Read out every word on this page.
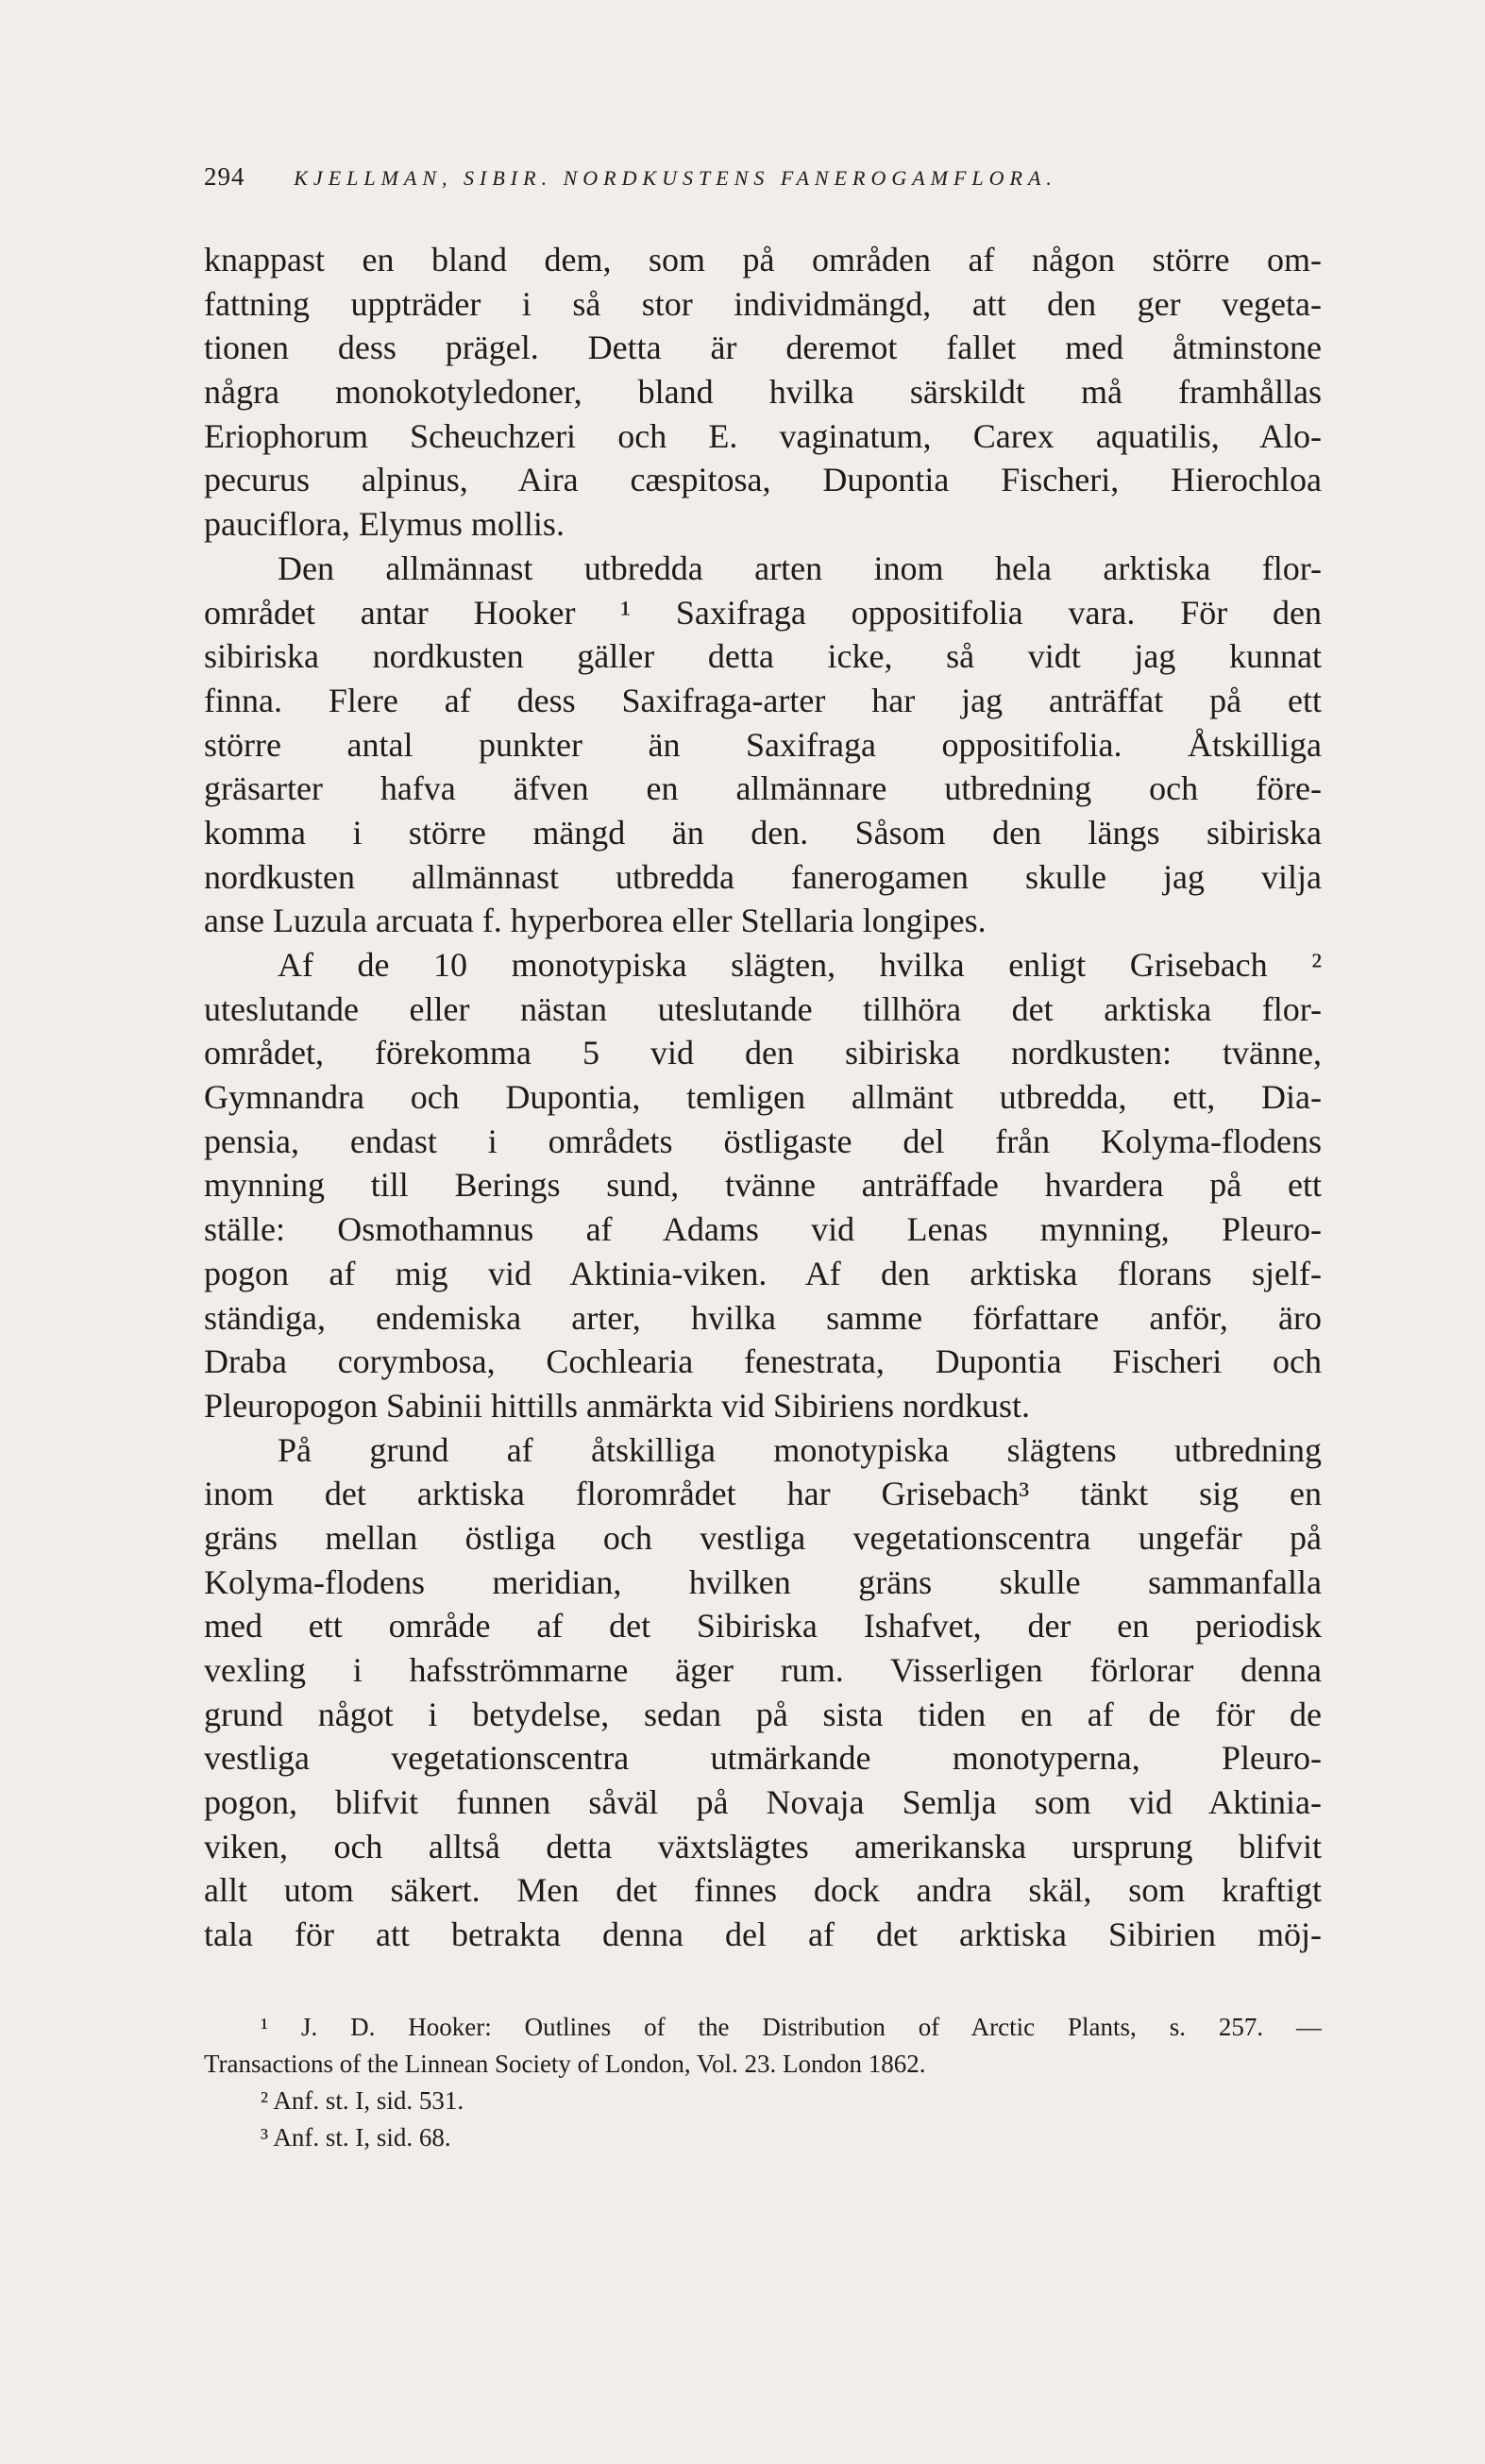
294 KJELLMAN, SIBIR. NORDKUSTENS FANEROGAMFLORA.
knappast en bland dem, som på områden af någon större om-
fattning uppträder i så stor individmängd, att den ger vegeta-
tionen dess prägel. Detta är deremot fallet med åtminstone
några monokotyledoner, bland hvilka särskildt må framhållas
Eriophorum Scheuchzeri och E. vaginatum, Carex aquatilis, Alo-
pecurus alpinus, Aira cæspitosa, Dupontia Fischeri, Hierochloa
pauciflora, Elymus mollis.
Den allmännast utbredda arten inom hela arktiska flor-
området antar Hooker ¹ Saxifraga oppositifolia vara. För den
sibiriska nordkusten gäller detta icke, så vidt jag kunnat
finna. Flere af dess Saxifraga-arter har jag anträffat på ett
större antal punkter än Saxifraga oppositifolia. Åtskilliga
gräsarter hafva äfven en allmännare utbredning och före-
komma i större mängd än den. Såsom den längs sibiriska
nordkusten allmännast utbredda fanerogamen skulle jag vilja
anse Luzula arcuata f. hyperborea eller Stellaria longipes.
Af de 10 monotypiska slägten, hvilka enligt Grisebach ²
uteslutande eller nästan uteslutande tillhöra det arktiska flor-
området, förekomma 5 vid den sibiriska nordkusten: tvänne,
Gymnandra och Dupontia, temligen allmänt utbredda, ett, Dia-
pensia, endast i områdets östligaste del från Kolyma-flodens
mynning till Berings sund, tvänne anträffade hvardera på ett
ställe: Osmothamnus af Adams vid Lenas mynning, Pleuro-
pogon af mig vid Aktinia-viken. Af den arktiska florans sjelf-
ständiga, endemiska arter, hvilka samme författare anför, äro
Draba corymbosa, Cochlearia fenestrata, Dupontia Fischeri och
Pleuropogon Sabinii hittills anmärkta vid Sibiriens nordkust.
På grund af åtskilliga monotypiska slägtens utbredning
inom det arktiska florområdet har Grisebach³ tänkt sig en
gräns mellan östliga och vestliga vegetationscentra ungefär på
Kolyma-flodens meridian, hvilken gräns skulle sammanfalla
med ett område af det Sibiriska Ishafvet, der en periodisk
vexling i hafsströmmarne äger rum. Visserligen förlorar denna
grund något i betydelse, sedan på sista tiden en af de för de
vestliga vegetationscentra utmärkande monotyperna, Pleuro-
pogon, blifvit funnen såväl på Novaja Semlja som vid Aktinia-
viken, och alltså detta växtslägtes amerikanska ursprung blifvit
allt utom säkert. Men det finnes dock andra skäl, som kraftigt
tala för att betrakta denna del af det arktiska Sibirien möj-
¹ J. D. Hooker: Outlines of the Distribution of Arctic Plants, s. 257. —
Transactions of the Linnean Society of London, Vol. 23. London 1862.
² Anf. st. I, sid. 531.
³ Anf. st. I, sid. 68.
